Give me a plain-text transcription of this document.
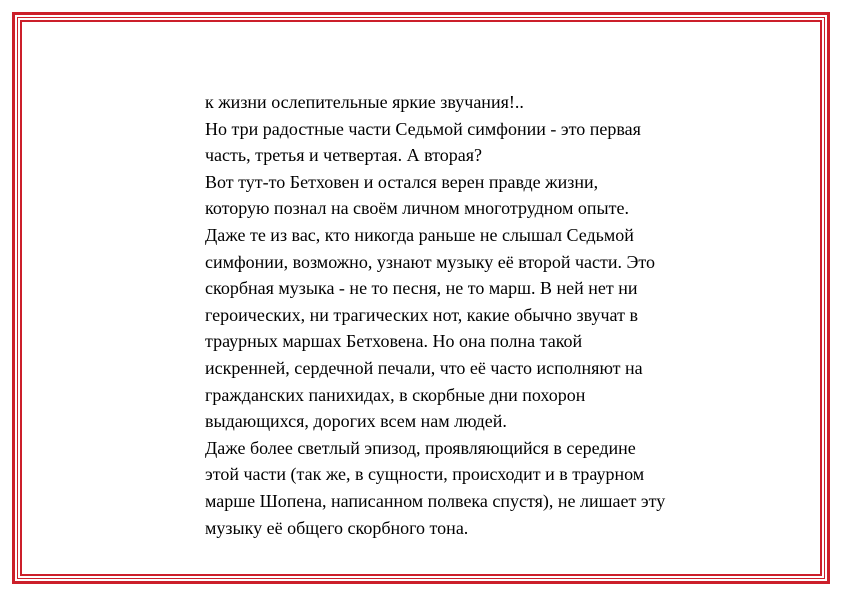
к жизни ослепительные яркие звучания!..
Но три радостные части Седьмой симфонии - это первая
часть, третья и четвертая. А вторая?
Вот тут-то Бетховен и остался верен правде жизни,
которую познал на своём личном многотрудном опыте.
Даже те из вас, кто никогда раньше не слышал Седьмой
симфонии, возможно, узнают музыку её второй части. Это
скорбная музыка - не то песня, не то марш. В ней нет ни
героических, ни трагических нот, какие обычно звучат в
траурных маршах Бетховена. Но она полна такой
искренней, сердечной печали, что её часто исполняют на
гражданских панихидах, в скорбные дни похорон
выдающихся, дорогих всем нам людей.
Даже более светлый эпизод, проявляющийся в середине
этой части (так же, в сущности, происходит и в траурном
марше Шопена, написанном полвека спустя), не лишает эту
музыку её общего скорбного тона.
